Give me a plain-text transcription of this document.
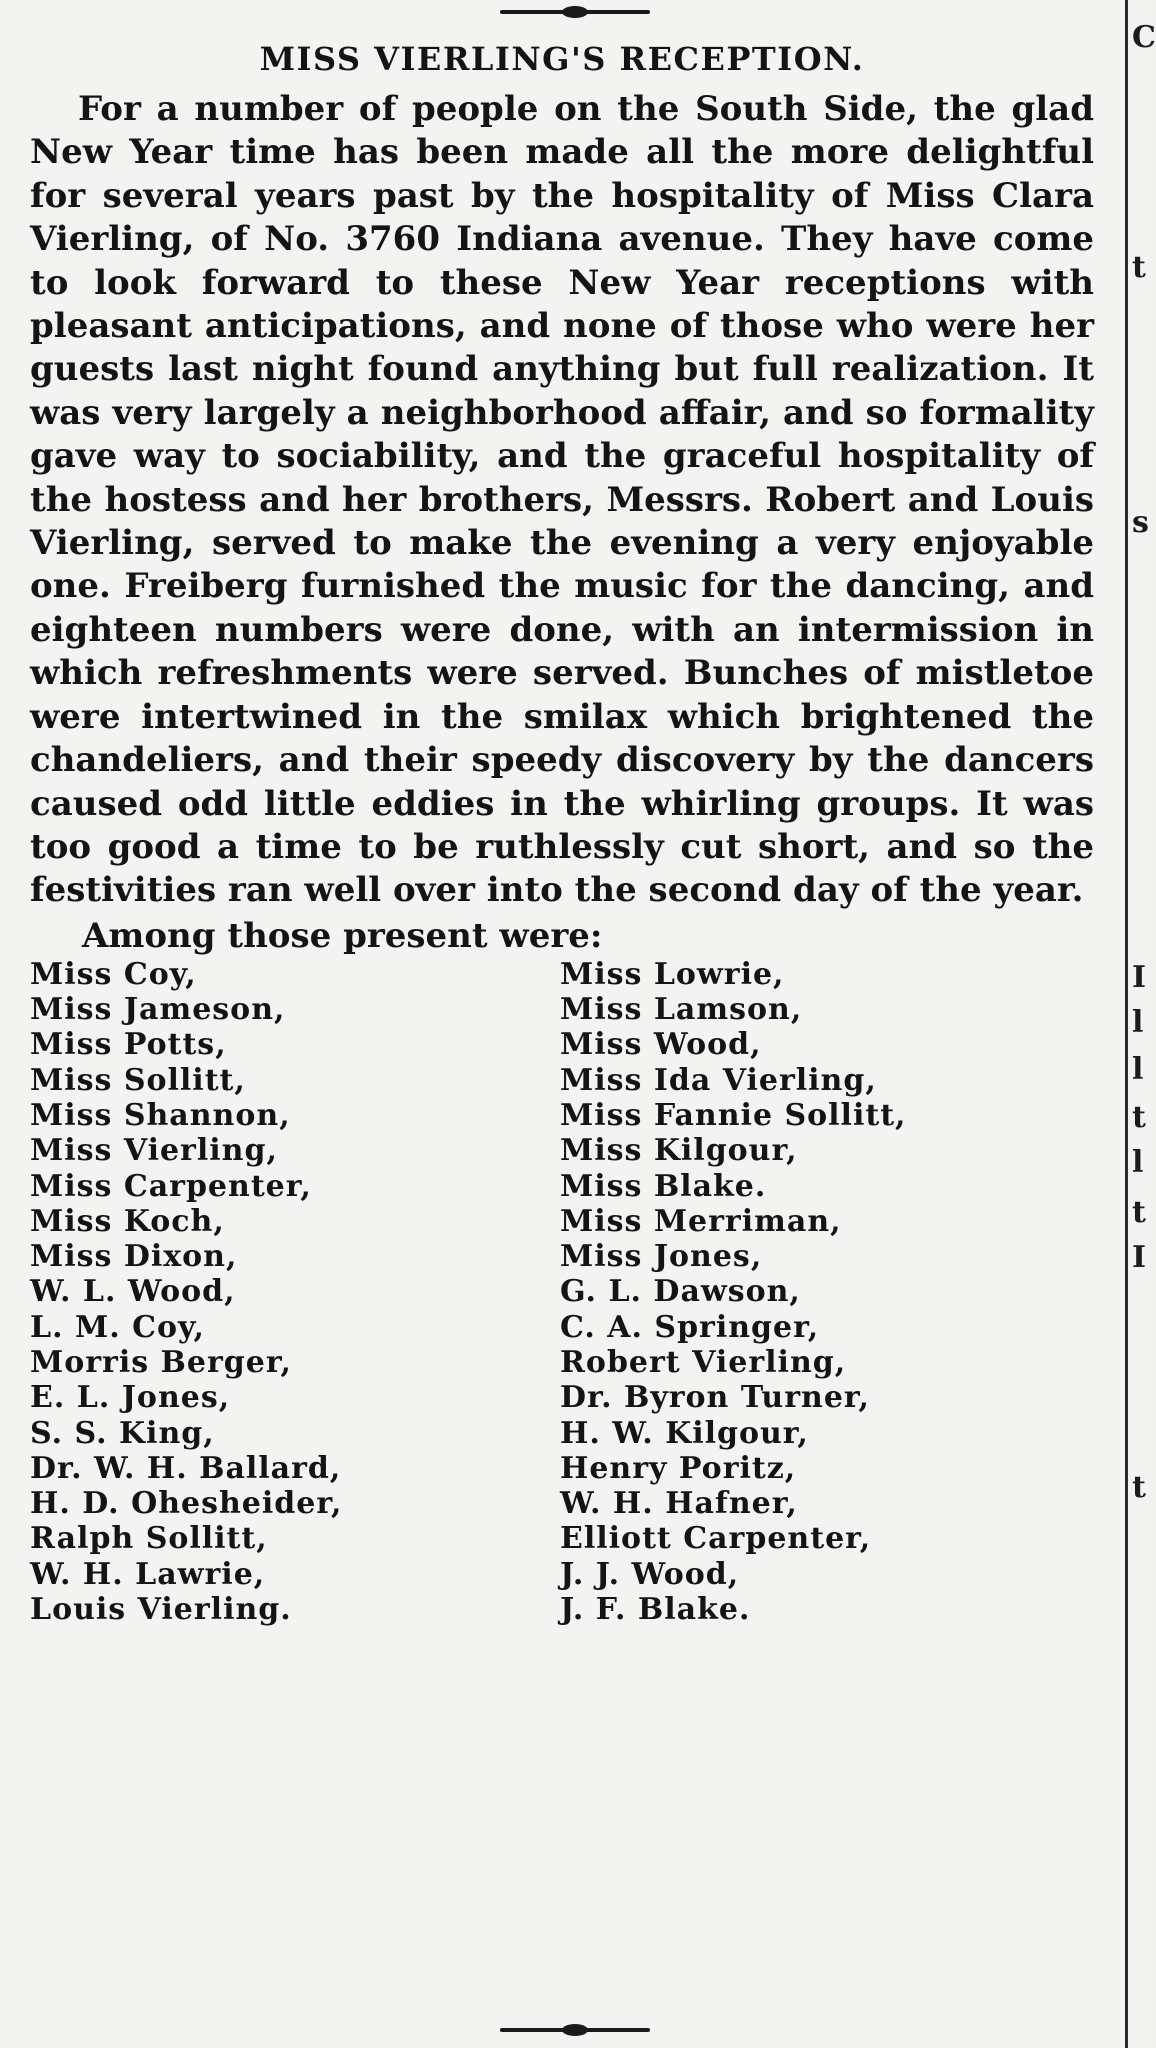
MISS VIERLING'S RECEPTION.

For a number of people on the South Side, the glad New Year time has been made all the more delightful for several years past by the hospitality of Miss Clara Vierling, of No. 3760 Indiana avenue. They have come to look forward to these New Year receptions with pleasant anticipations, and none of those who were her guests last night found anything but full realization. It was very largely a neighborhood affair, and so formality gave way to sociability, and the graceful hospitality of the hostess and her brothers, Messrs. Robert and Louis Vierling, served to make the evening a very enjoyable one. Freiberg furnished the music for the dancing, and eighteen numbers were done, with an intermission in which refreshments were served. Bunches of mistletoe were intertwined in the smilax which brightened the chandeliers, and their speedy discovery by the dancers caused odd little eddies in the whirling groups. It was too good a time to be ruthlessly cut short, and so the festivities ran well over into the second day of the year.

Among those present were:
Miss Coy,
Miss Jameson,
Miss Potts,
Miss Sollitt,
Miss Shannon,
Miss Vierling,
Miss Carpenter,
Miss Koch,
Miss Dixon,
W. L. Wood,
L. M. Coy,
Morris Berger,
E. L. Jones,
S. S. King,
Dr. W. H. Ballard,
H. D. Ohesheider,
Ralph Sollitt,
W. H. Lawrie,
Louis Vierling.
Miss Lowrie,
Miss Lamson,
Miss Wood,
Miss Ida Vierling,
Miss Fannie Sollitt,
Miss Kilgour,
Miss Blake.
Miss Merriman,
Miss Jones,
G. L. Dawson,
C. A. Springer,
Robert Vierling,
Dr. Byron Turner,
H. W. Kilgour,
Henry Poritz,
W. H. Hafner,
Elliott Carpenter,
J. J. Wood,
J. F. Blake.
C
t
s
I
l
l
t
l
t
I
t
